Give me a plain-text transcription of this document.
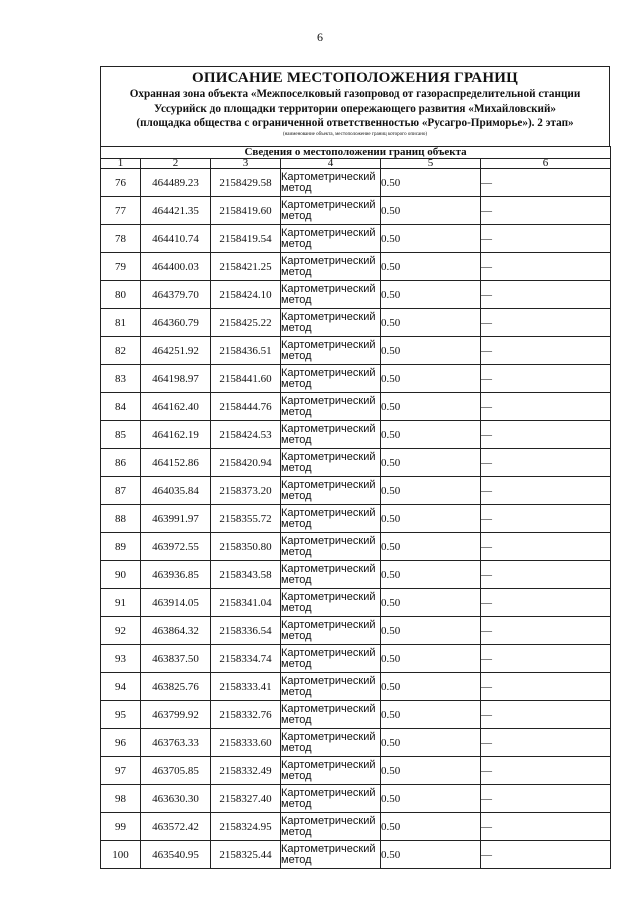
6
ОПИСАНИЕ МЕСТОПОЛОЖЕНИЯ ГРАНИЦ
Охранная зона объекта «Межпоселковый газопровод от газораспределительной станции
Уссурийск до площадки территории опережающего развития «Михайловский»
(площадка общества с ограниченной ответственностью «Русагро-Приморье»). 2 этап»
(наименование объекта, местоположение границ которого описано)
Сведения о местоположении границ объекта					
1	2	3	4	5	6
76	464489.23	2158429.58	Картометрический метод	0.50	—
77	464421.35	2158419.60	Картометрический метод	0.50	—
78	464410.74	2158419.54	Картометрический метод	0.50	—
79	464400.03	2158421.25	Картометрический метод	0.50	—
80	464379.70	2158424.10	Картометрический метод	0.50	—
81	464360.79	2158425.22	Картометрический метод	0.50	—
82	464251.92	2158436.51	Картометрический метод	0.50	—
83	464198.97	2158441.60	Картометрический метод	0.50	—
84	464162.40	2158444.76	Картометрический метод	0.50	—
85	464162.19	2158424.53	Картометрический метод	0.50	—
86	464152.86	2158420.94	Картометрический метод	0.50	—
87	464035.84	2158373.20	Картометрический метод	0.50	—
88	463991.97	2158355.72	Картометрический метод	0.50	—
89	463972.55	2158350.80	Картометрический метод	0.50	—
90	463936.85	2158343.58	Картометрический метод	0.50	—
91	463914.05	2158341.04	Картометрический метод	0.50	—
92	463864.32	2158336.54	Картометрический метод	0.50	—
93	463837.50	2158334.74	Картометрический метод	0.50	—
94	463825.76	2158333.41	Картометрический метод	0.50	—
95	463799.92	2158332.76	Картометрический метод	0.50	—
96	463763.33	2158333.60	Картометрический метод	0.50	—
97	463705.85	2158332.49	Картометрический метод	0.50	—
98	463630.30	2158327.40	Картометрический метод	0.50	—
99	463572.42	2158324.95	Картометрический метод	0.50	—
100	463540.95	2158325.44	Картометрический метод	0.50	—
